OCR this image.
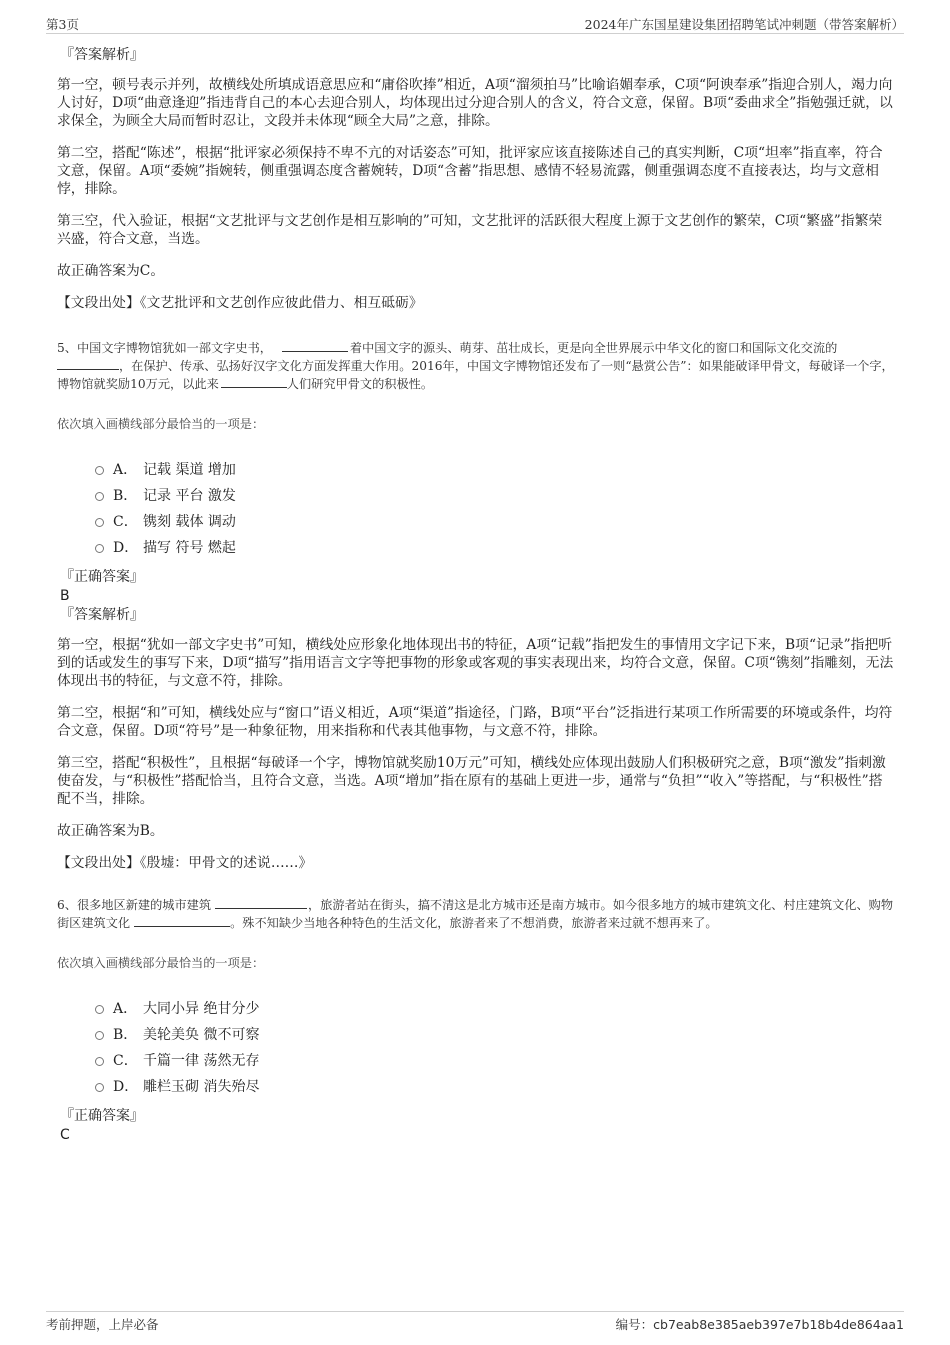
第3页	2024年广东国星建设集团招聘笔试冲刺题（带答案解析）
『答案解析』

第一空，顿号表示并列，故横线处所填成语意思应和“庸俗吹捧”相近，A项“溜须拍马”比喻谄媚奉承，C项“阿谀奉承”指迎合别人，竭力向人讨好，D项“曲意逢迎”指违背自己的本心去迎合别人，均体现出过分迎合别人的含义，符合文意，保留。B项“委曲求全”指勉强迁就，以求保全，为顾全大局而暂时忍让，文段并未体现“顾全大局”之意，排除。

第二空，搭配“陈述”，根据“批评家必须保持不卑不亢的对话姿态”可知，批评家应该直接陈述自己的真实判断，C项“坦率”指直率，符合文意，保留。A项“委婉”指婉转，侧重强调态度含蓄婉转，D项“含蓄”指思想、感情不轻易流露，侧重强调态度不直接表达，均与文意相悖，排除。

第三空，代入验证，根据“文艺批评与文艺创作是相互影响的”可知，文艺批评的活跃很大程度上源于文艺创作的繁荣，C项“繁盛”指繁荣兴盛，符合文意，当选。

故正确答案为C。

【文段出处】《文艺批评和文艺创作应彼此借力、相互砥砺》

5、中国文字博物馆犹如一部文字史书，	着中国文字的源头、萌芽、茁壮成长，更是向全世界展示中华文化的窗口和国际文化交流的，在保护、传承、弘扬好汉字文化方面发挥重大作用。2016年，中国文字博物馆还发布了一则“悬赏公告”：如果能破译甲骨文，每破译一个字，博物馆就奖励10万元，以此来	人们研究甲骨文的积极性。

依次填入画横线部分最恰当的一项是：

A． 记载 渠道 增加
B． 记录 平台 激发
C． 镌刻 载体 调动
D． 描写 符号 燃起
『正确答案』
B
『答案解析』

第一空，根据“犹如一部文字史书”可知，横线处应形象化地体现出书的特征，A项“记载”指把发生的事情用文字记下来，B项“记录”指把听到的话或发生的事写下来，D项“描写”指用语言文字等把事物的形象或客观的事实表现出来，均符合文意，保留。C项“镌刻”指雕刻，无法体现出书的特征，与文意不符，排除。

第二空，根据“和”可知，横线处应与“窗口”语义相近，A项“渠道”指途径，门路，B项“平台”泛指进行某项工作所需要的环境或条件，均符合文意，保留。D项“符号”是一种象征物，用来指称和代表其他事物，与文意不符，排除。

第三空，搭配“积极性”，且根据“每破译一个字，博物馆就奖励10万元”可知，横线处应体现出鼓励人们积极研究之意，B项“激发”指刺激使奋发，与“积极性”搭配恰当，且符合文意，当选。A项“增加”指在原有的基础上更进一步，通常与“负担”“收入”等搭配，与“积极性”搭配不当，排除。

故正确答案为B。

【文段出处】《殷墟：甲骨文的述说……》

6、很多地区新建的城市建筑	，旅游者站在街头，搞不清这是北方城市还是南方城市。如今很多地方的城市建筑文化、村庄建筑文化、购物街区建筑文化	。殊不知缺少当地各种特色的生活文化，旅游者来了不想消费，旅游者来过就不想再来了。

依次填入画横线部分最恰当的一项是：

A． 大同小异 绝甘分少
B． 美轮美奂 微不可察
C． 千篇一律 荡然无存
D． 雕栏玉砌 消失殆尽
『正确答案』
C
考前押题，上岸必备	编号：cb7eab8e385aeb397e7b18b4de864aa1
